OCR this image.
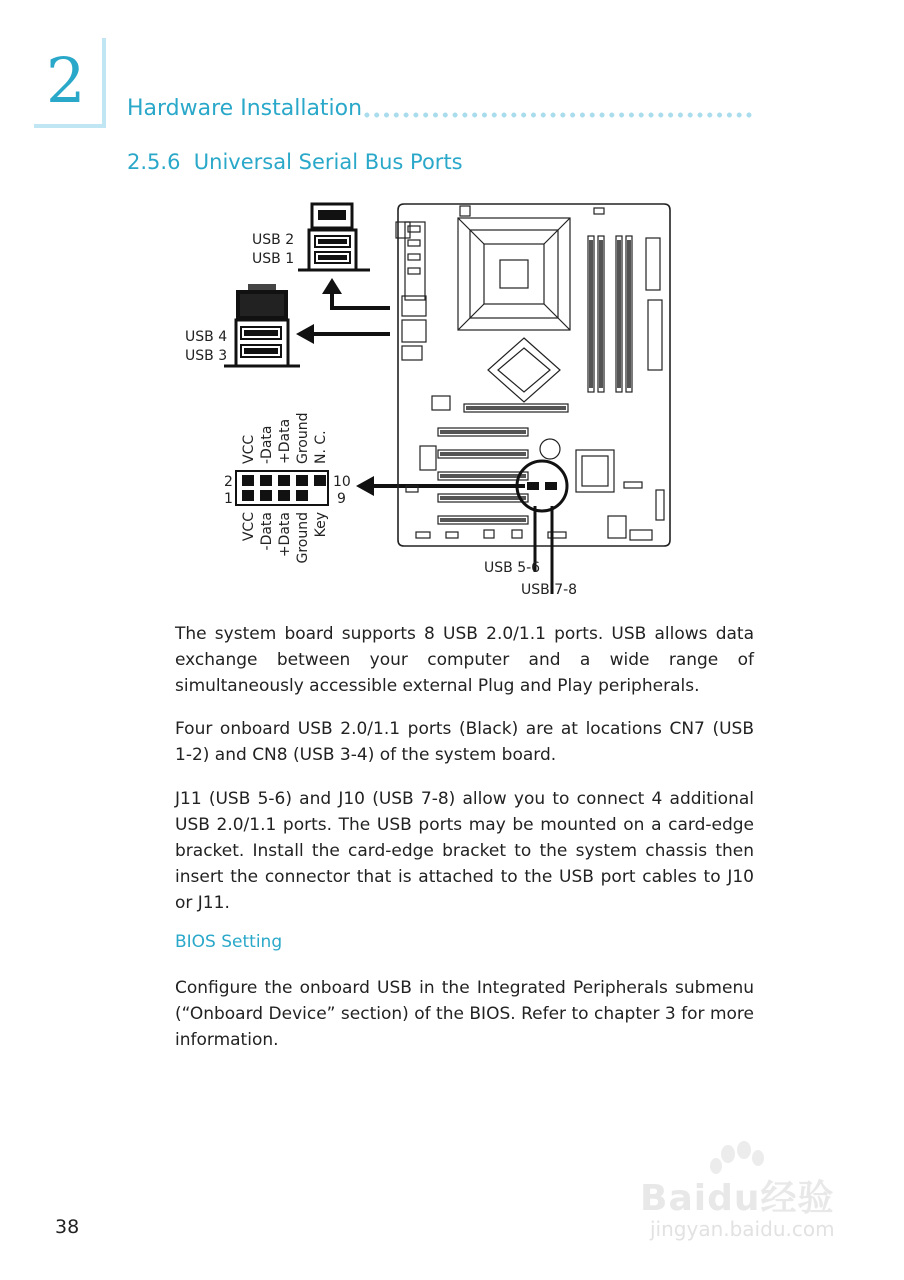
2 Hardware Installation
2.5.6 Universal Serial Bus Ports
USB 2
USB 1
USB 4
USB 3
USB 5-6
USB 7-8
2
1
10
9
VCC -Data +Data Ground N. C.
VCC -Data +Data Ground Key

The system board supports 8 USB 2.0/1.1 ports. USB allows data exchange between your computer and a wide range of simultaneously accessible external Plug and Play peripherals.

Four onboard USB 2.0/1.1 ports (Black) are at locations CN7 (USB 1-2) and CN8 (USB 3-4) of the system board.

J11 (USB 5-6) and J10 (USB 7-8) allow you to connect 4 additional USB 2.0/1.1 ports. The USB ports may be mounted on a card-edge bracket. Install the card-edge bracket to the system chassis then insert the connector that is attached to the USB port cables to J10 or J11.

BIOS Setting

Configure the onboard USB in the Integrated Peripherals submenu (“Onboard Device” section) of the BIOS. Refer to chapter 3 for more information.

38
Baidu经验
jingyan.baidu.com
